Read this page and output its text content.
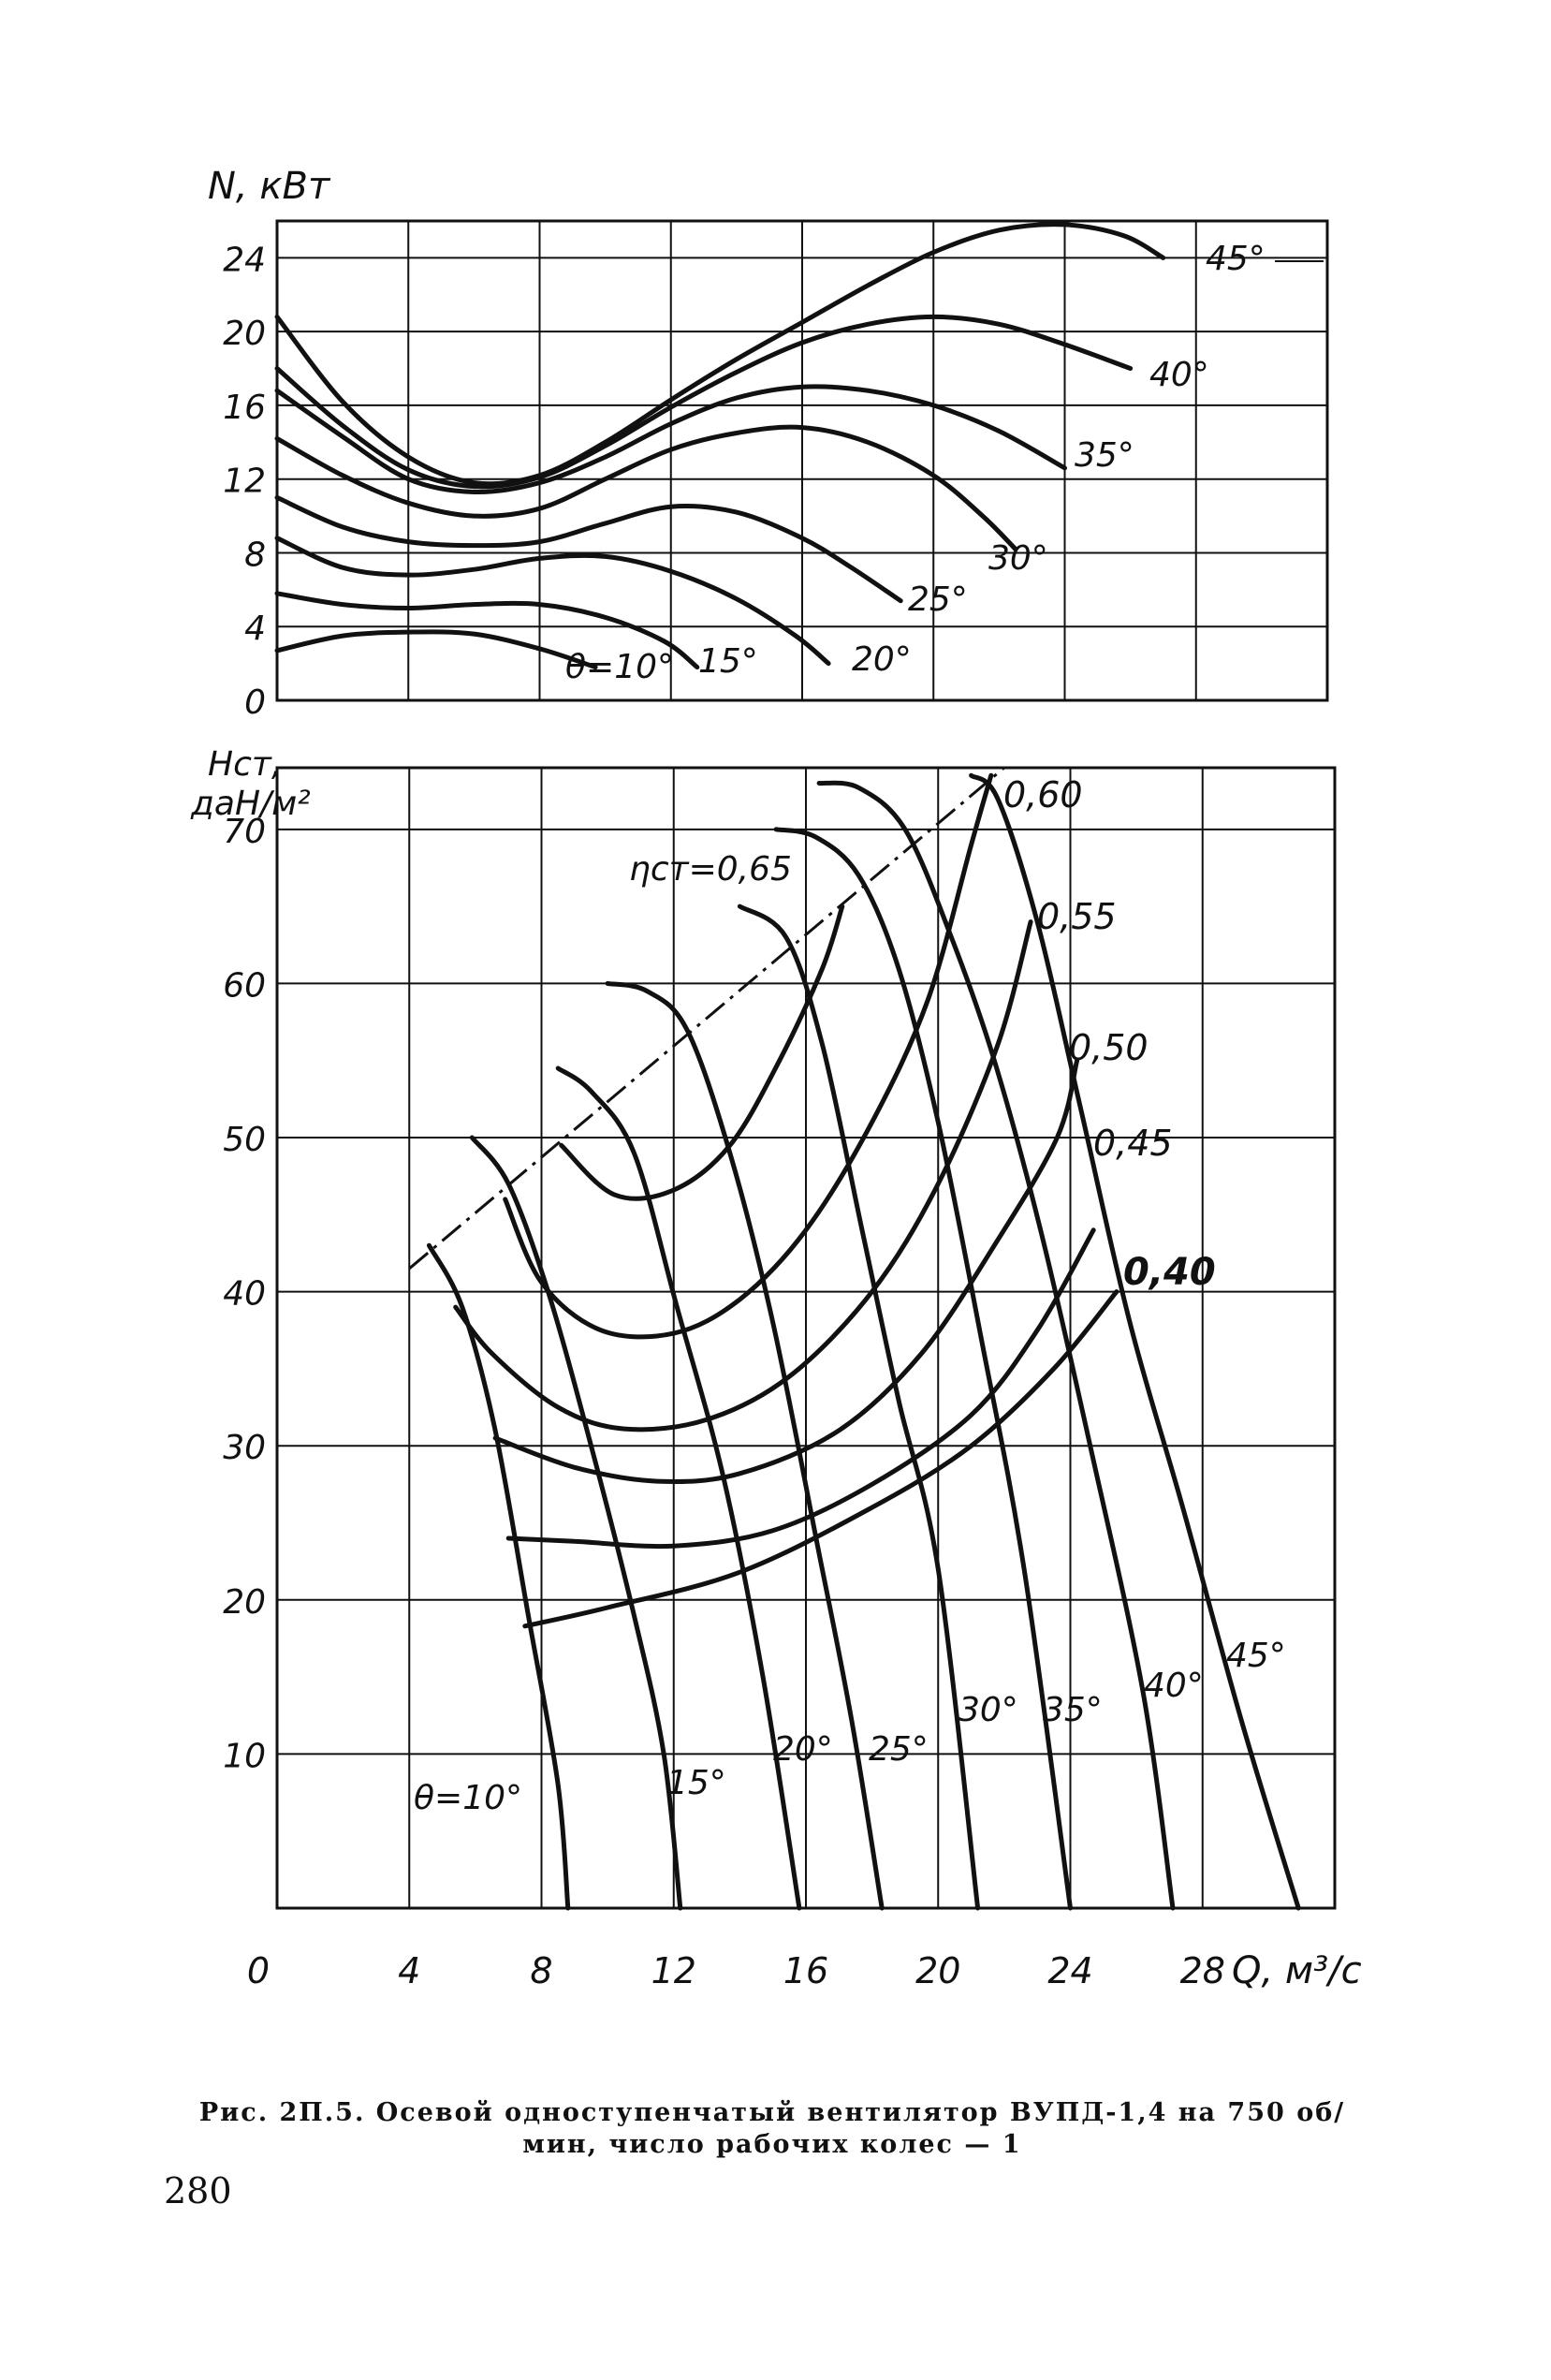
0
4
8
12
16
20
24
N, кВт
45°
40°
35°
30°
25°
20°
15°
θ=10°
10
20
30
40
50
60
70
0	4	8	12 16 20 24 28
Hст,
даН/м²
Q, м³/с
ηст=0,65
0,60
0,55
0,50
0,45
0,40
θ=10°	15°
20° 25°
30° 35°
40°
45°
Рис. 2П.5. Осевой одноступенчатый вентилятор ВУПД-1,4 на 750 об/мин, число рабочих колес — 1
280
